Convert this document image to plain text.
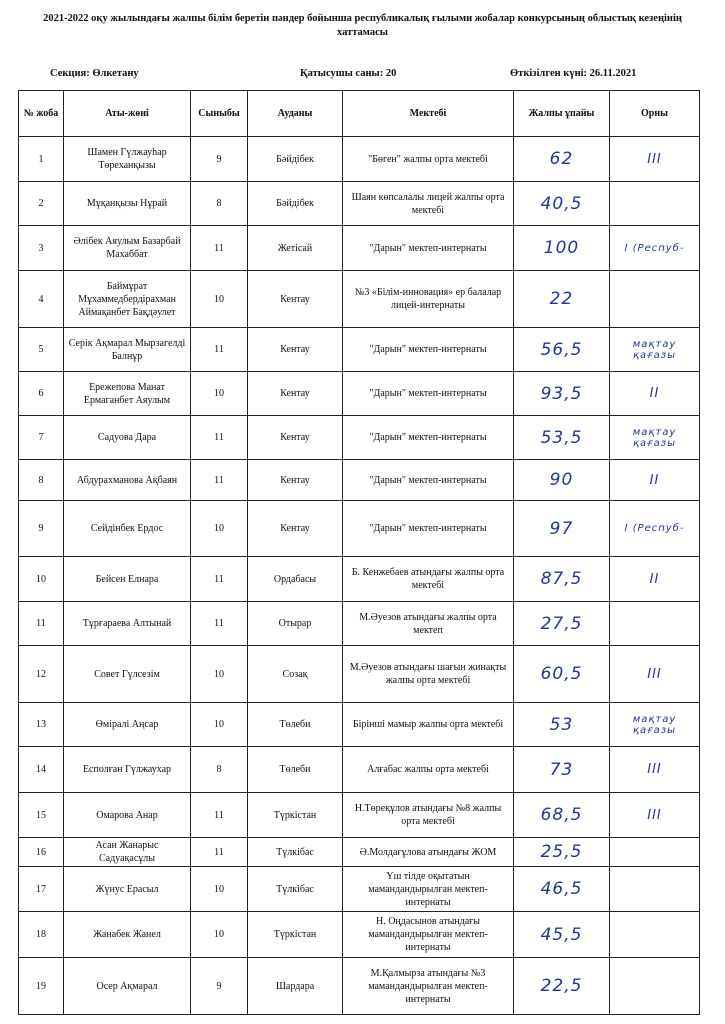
2021-2022 оқу жылындағы жалпы білім беретін пәндер бойынша республикалық ғылыми жобалар конкурсының облыстық кезеңінің хаттамасы
Секция: Өлкетану	Қатысушы саны: 20	Өткізілген күні: 26.11.2021
№ жоба	Аты-жөні	Сыныбы	Ауданы	Мектебі	Жалпы ұпайы	Орны
1	Шамен Гүлжауһар Төреханқызы	9	Бәйдібек	"Бөген" жалпы орта мектебі	62	III
2	Мұқанқызы Нұрай	8	Бәйдібек	Шаян көпсалалы лицей жалпы орта мектебі	40,5	
3	Әлібек Аяулым Базарбай Махаббат	11	Жетісай	"Дарын" мектеп-интернаты	100	I (Респуб-
4	Баймұрат Мұхаммедбердірахман Аймақанбет Бақдәулет	10	Кентау	№3 «Білім-инновация» ер балалар лицей-интернаты	22	
5	Серік Ақмарал Мырзагелді Балнұр	11	Кентау	"Дарын" мектеп-интернаты	56,5	мақтау қағазы
6	Ережепова Манат Ермаганбет Аяулым	10	Кентау	"Дарын" мектеп-интернаты	93,5	II
7	Садуова Дара	11	Кентау	"Дарын" мектеп-интернаты	53,5	мақтау қағазы
8	Абдурахманова Ақбаян	11	Кентау	"Дарын" мектеп-интернаты	90	II
9	Сейдінбек Ердос	10	Кентау	"Дарын" мектеп-интернаты	97	I (Респуб-
10	Бейсен Елнара	11	Ордабасы	Б. Кенжебаев атындағы жалпы орта мектебі	87,5	II
11	Тұрғараева Алтынай	11	Отырар	М.Әуезов атындағы жалпы орта мектеп	27,5	
12	Совет Гүлсезім	10	Созақ	М.Әуезов атындағы шағын жинақты жалпы орта мектебі	60,5	III
13	Өміралі Аңсар	10	Төлеби	Бірінші мамыр жалпы орта мектебі	53	мақтау қағазы
14	Есполған Гүлжаухар	8	Төлеби	Алғабас жалпы орта мектебі	73	III
15	Омарова Анар	11	Түркістан	Н.Төреқұлов атындағы №8 жалпы орта мектебі	68,5	III
16	Асан Жанарыс Садуақасұлы	11	Түлкібас	Ә.Молдағұлова атындағы ЖОМ	25,5	
17	Жүнус Ерасыл	10	Түлкібас	Үш тілде оқытатын мамандандырылған мектеп-интернаты	46,5	
18	Жанабек Жанел	10	Түркістан	Н. Оңдасынов атындағы мамандандырылған мектеп-интернаты	45,5	
19	Осер Ақмарал	9	Шардара	М.Қалмырза атындағы №3 мамандандырылған мектеп-интернаты	22,5	
